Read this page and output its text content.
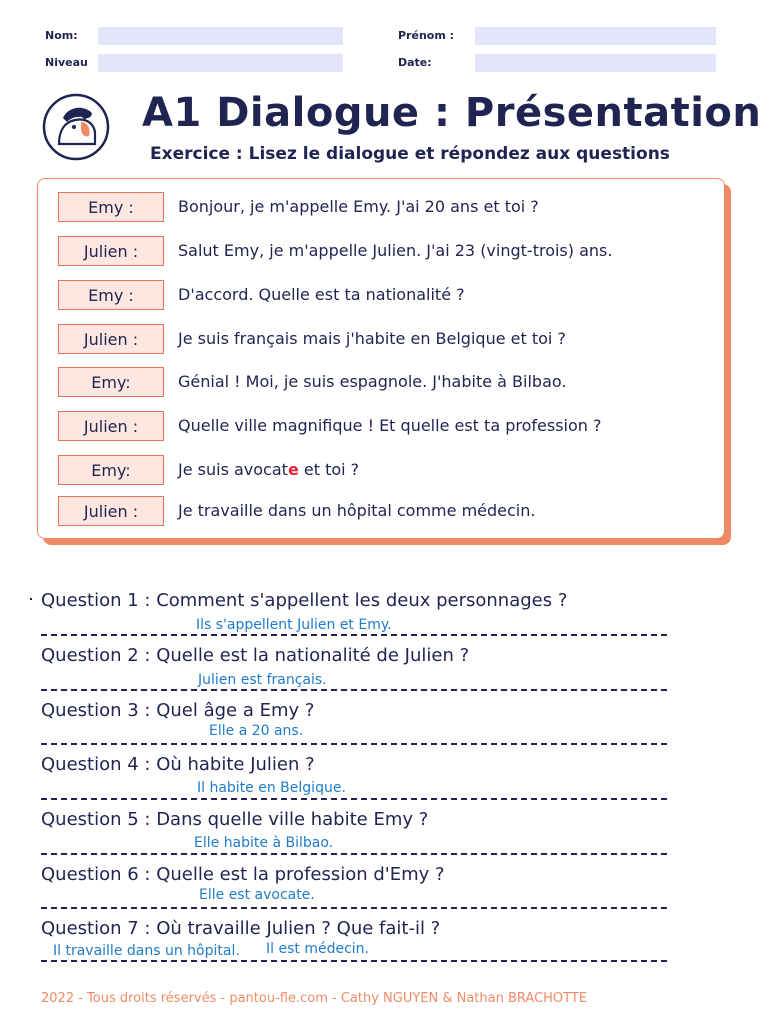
Nom:	Prénom :
Niveau	Date:
A1 Dialogue : Présentation
Exercice : Lisez le dialogue et répondez aux questions
Emy :	Bonjour, je m'appelle Emy. J'ai 20 ans et toi ?
Julien :	Salut Emy, je m'appelle Julien. J'ai 23 (vingt-trois) ans.
Emy :	D'accord. Quelle est ta nationalité ?
Julien :	Je suis français mais j'habite en Belgique et toi ?
Emy:	Génial ! Moi, je suis espagnole. J'habite à Bilbao.
Julien :	Quelle ville magnifique ! Et quelle est ta profession ?
Emy:	Je suis avocate et toi ?
Julien :	Je travaille dans un hôpital comme médecin.
Question 1 : Comment s'appellent les deux personnages ?
Ils s'appellent Julien et Emy.
Question 2 : Quelle est la nationalité de Julien ?
Julien est français.
Question 3 : Quel âge a Emy ?
Elle a 20 ans.
Question 4 : Où habite Julien ?
Il habite en Belgique.
Question 5 : Dans quelle ville habite Emy ?
Elle habite à Bilbao.
Question 6 : Quelle est la profession d'Emy ?
Elle est avocate.
Question 7 : Où travaille Julien ? Que fait-il ?
Il travaille dans un hôpital. Il est médecin.
2022 - Tous droits réservés - pantou-fle.com - Cathy NGUYEN & Nathan BRACHOTTE
